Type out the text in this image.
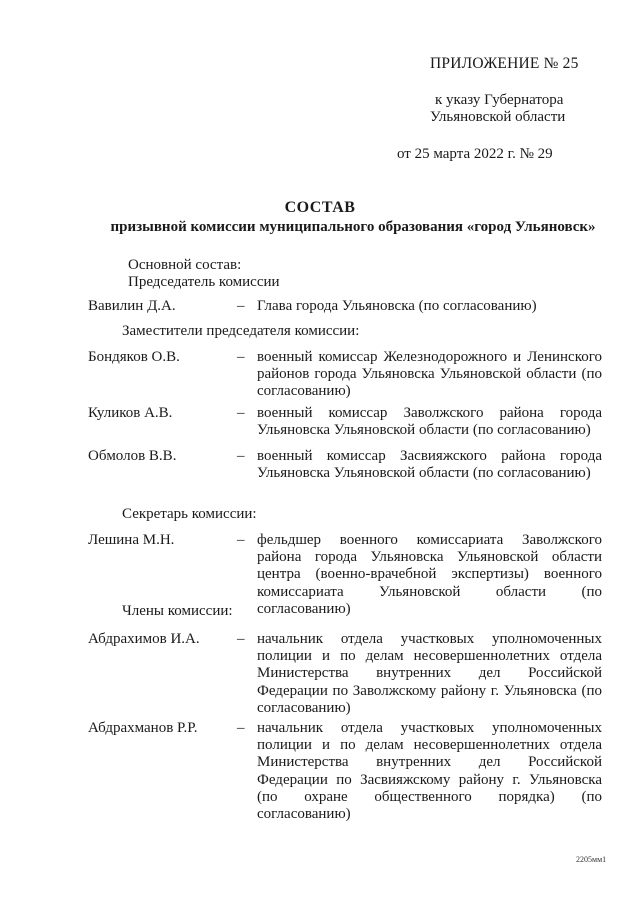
ПРИЛОЖЕНИЕ № 25
к указу Губернатора
Ульяновской области
от 25 марта 2022 г. № 29
СОСТАВ
призывной комиссии муниципального образования «город Ульяновск»
Основной состав:
Председатель комиссии
Вавилин Д.А.	– Глава города Ульяновска (по согласованию)
Заместители председателя комиссии:
Бондяков О.В.	– военный комиссар Железнодорожного и Ленинского районов города Ульяновска Ульяновской области (по согласованию)
Куликов А.В.	– военный комиссар Заволжского района города Ульяновска Ульяновской области (по согласованию)
Обмолов В.В.	– военный комиссар Засвияжского района города Ульяновска Ульяновской области (по согласованию)
Секретарь комиссии:
Лешина М.Н.	– фельдшер военного комиссариата Заволжского района города Ульяновска Ульяновской области центра (военно-врачебной экспертизы) военного комиссариата Ульяновской области (по согласованию)
Члены комиссии:
Абдрахимов И.А. – начальник отдела участковых уполномоченных полиции и по делам несовершеннолетних отдела Министерства внутренних дел Российской Федерации по Заволжскому району г. Ульяновска (по согласованию)
Абдрахманов Р.Р.	– начальник отдела участковых уполномоченных полиции и по делам несовершеннолетних отдела Министерства внутренних дел Российской Федерации по Засвияжскому району г. Ульяновска (по охране общественного порядка) (по согласованию)
2205мм1
